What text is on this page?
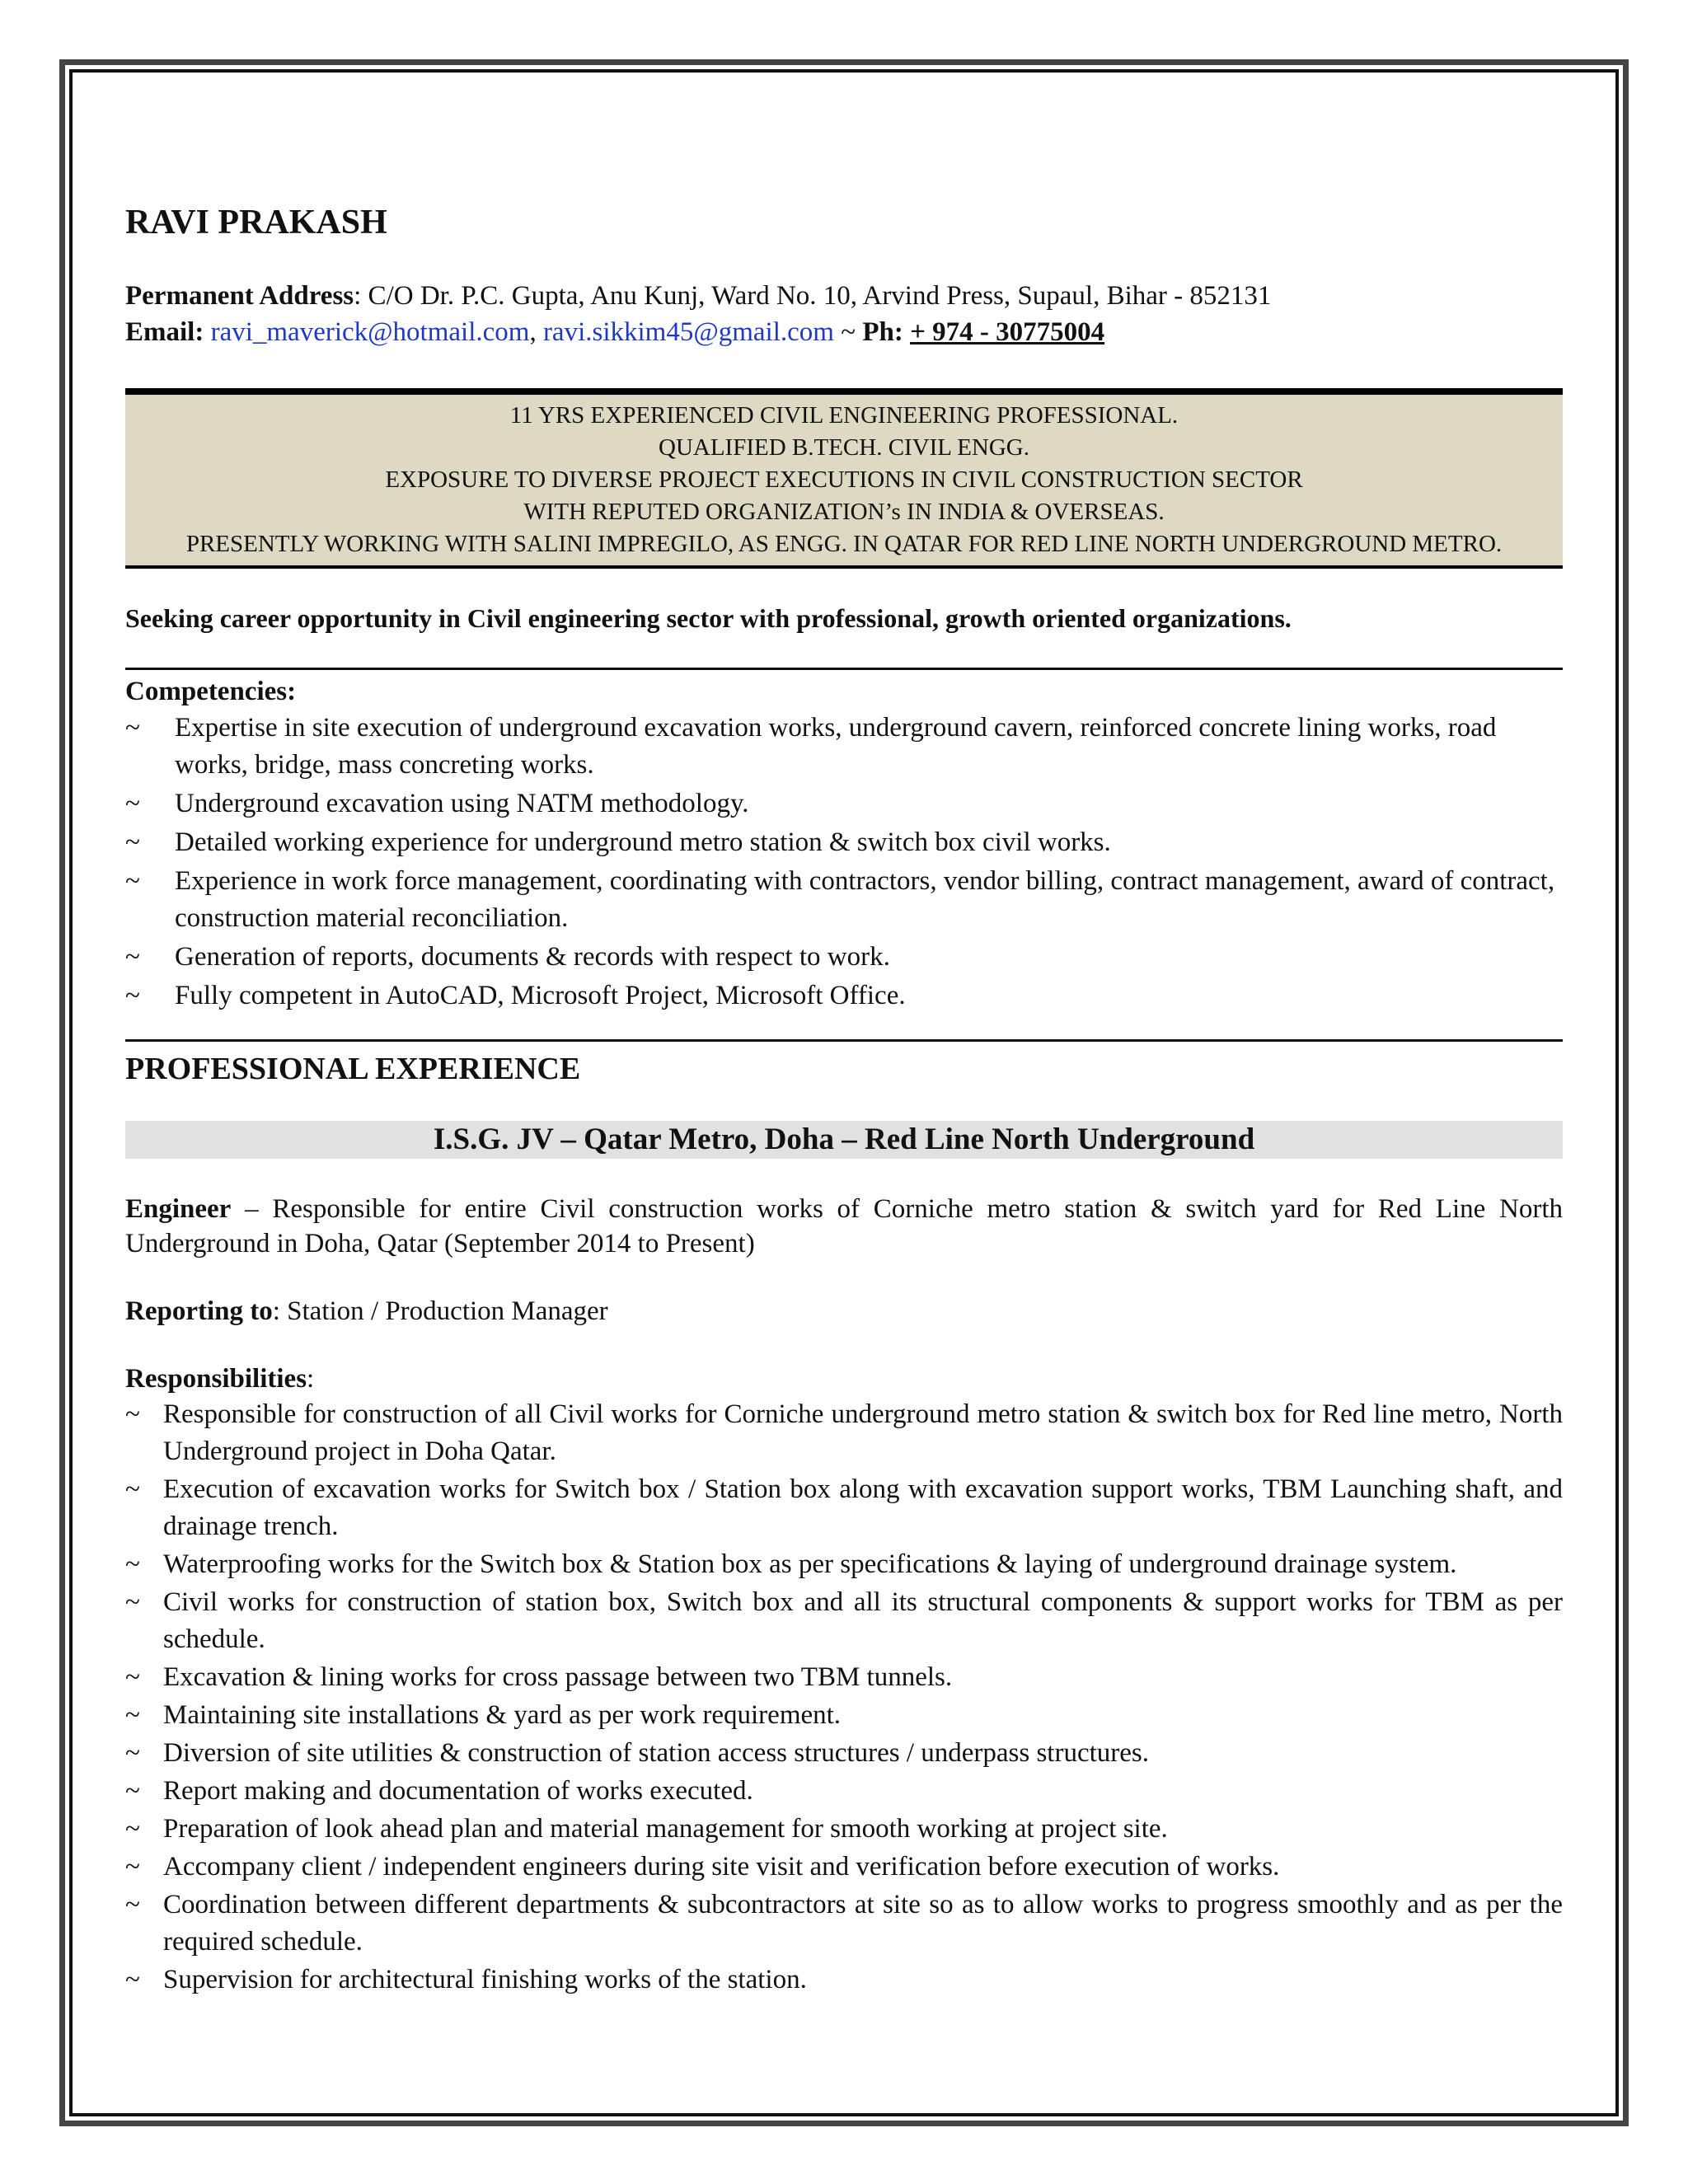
RAVI PRAKASH
Permanent Address: C/O Dr. P.C. Gupta, Anu Kunj, Ward No. 10, Arvind Press, Supaul, Bihar - 852131
Email: ravi_maverick@hotmail.com, ravi.sikkim45@gmail.com ~ Ph: + 974 - 30775004
11 YRS EXPERIENCED CIVIL ENGINEERING PROFESSIONAL.
QUALIFIED B.TECH. CIVIL ENGG.
EXPOSURE TO DIVERSE PROJECT EXECUTIONS IN CIVIL CONSTRUCTION SECTOR
WITH REPUTED ORGANIZATION’s IN INDIA & OVERSEAS.
PRESENTLY WORKING WITH SALINI IMPREGILO, AS ENGG. IN QATAR FOR RED LINE NORTH UNDERGROUND METRO.
Seeking career opportunity in Civil engineering sector with professional, growth oriented organizations.
Competencies:
~ Expertise in site execution of underground excavation works, underground cavern, reinforced concrete lining works, road works, bridge, mass concreting works.
~ Underground excavation using NATM methodology.
~ Detailed working experience for underground metro station & switch box civil works.
~ Experience in work force management, coordinating with contractors, vendor billing, contract management, award of contract, construction material reconciliation.
~ Generation of reports, documents & records with respect to work.
~ Fully competent in AutoCAD, Microsoft Project, Microsoft Office.
PROFESSIONAL EXPERIENCE
I.S.G. JV – Qatar Metro, Doha – Red Line North Underground
Engineer – Responsible for entire Civil construction works of Corniche metro station & switch yard for Red Line North Underground in Doha, Qatar (September 2014 to Present)
Reporting to: Station / Production Manager
Responsibilities:
~ Responsible for construction of all Civil works for Corniche underground metro station & switch box for Red line metro, North Underground project in Doha Qatar.
~ Execution of excavation works for Switch box / Station box along with excavation support works, TBM Launching shaft, and drainage trench.
~ Waterproofing works for the Switch box & Station box as per specifications & laying of underground drainage system.
~ Civil works for construction of station box, Switch box and all its structural components & support works for TBM as per schedule.
~ Excavation & lining works for cross passage between two TBM tunnels.
~ Maintaining site installations & yard as per work requirement.
~ Diversion of site utilities & construction of station access structures / underpass structures.
~ Report making and documentation of works executed.
~ Preparation of look ahead plan and material management for smooth working at project site.
~ Accompany client / independent engineers during site visit and verification before execution of works.
~ Coordination between different departments & subcontractors at site so as to allow works to progress smoothly and as per the required schedule.
~ Supervision for architectural finishing works of the station.
